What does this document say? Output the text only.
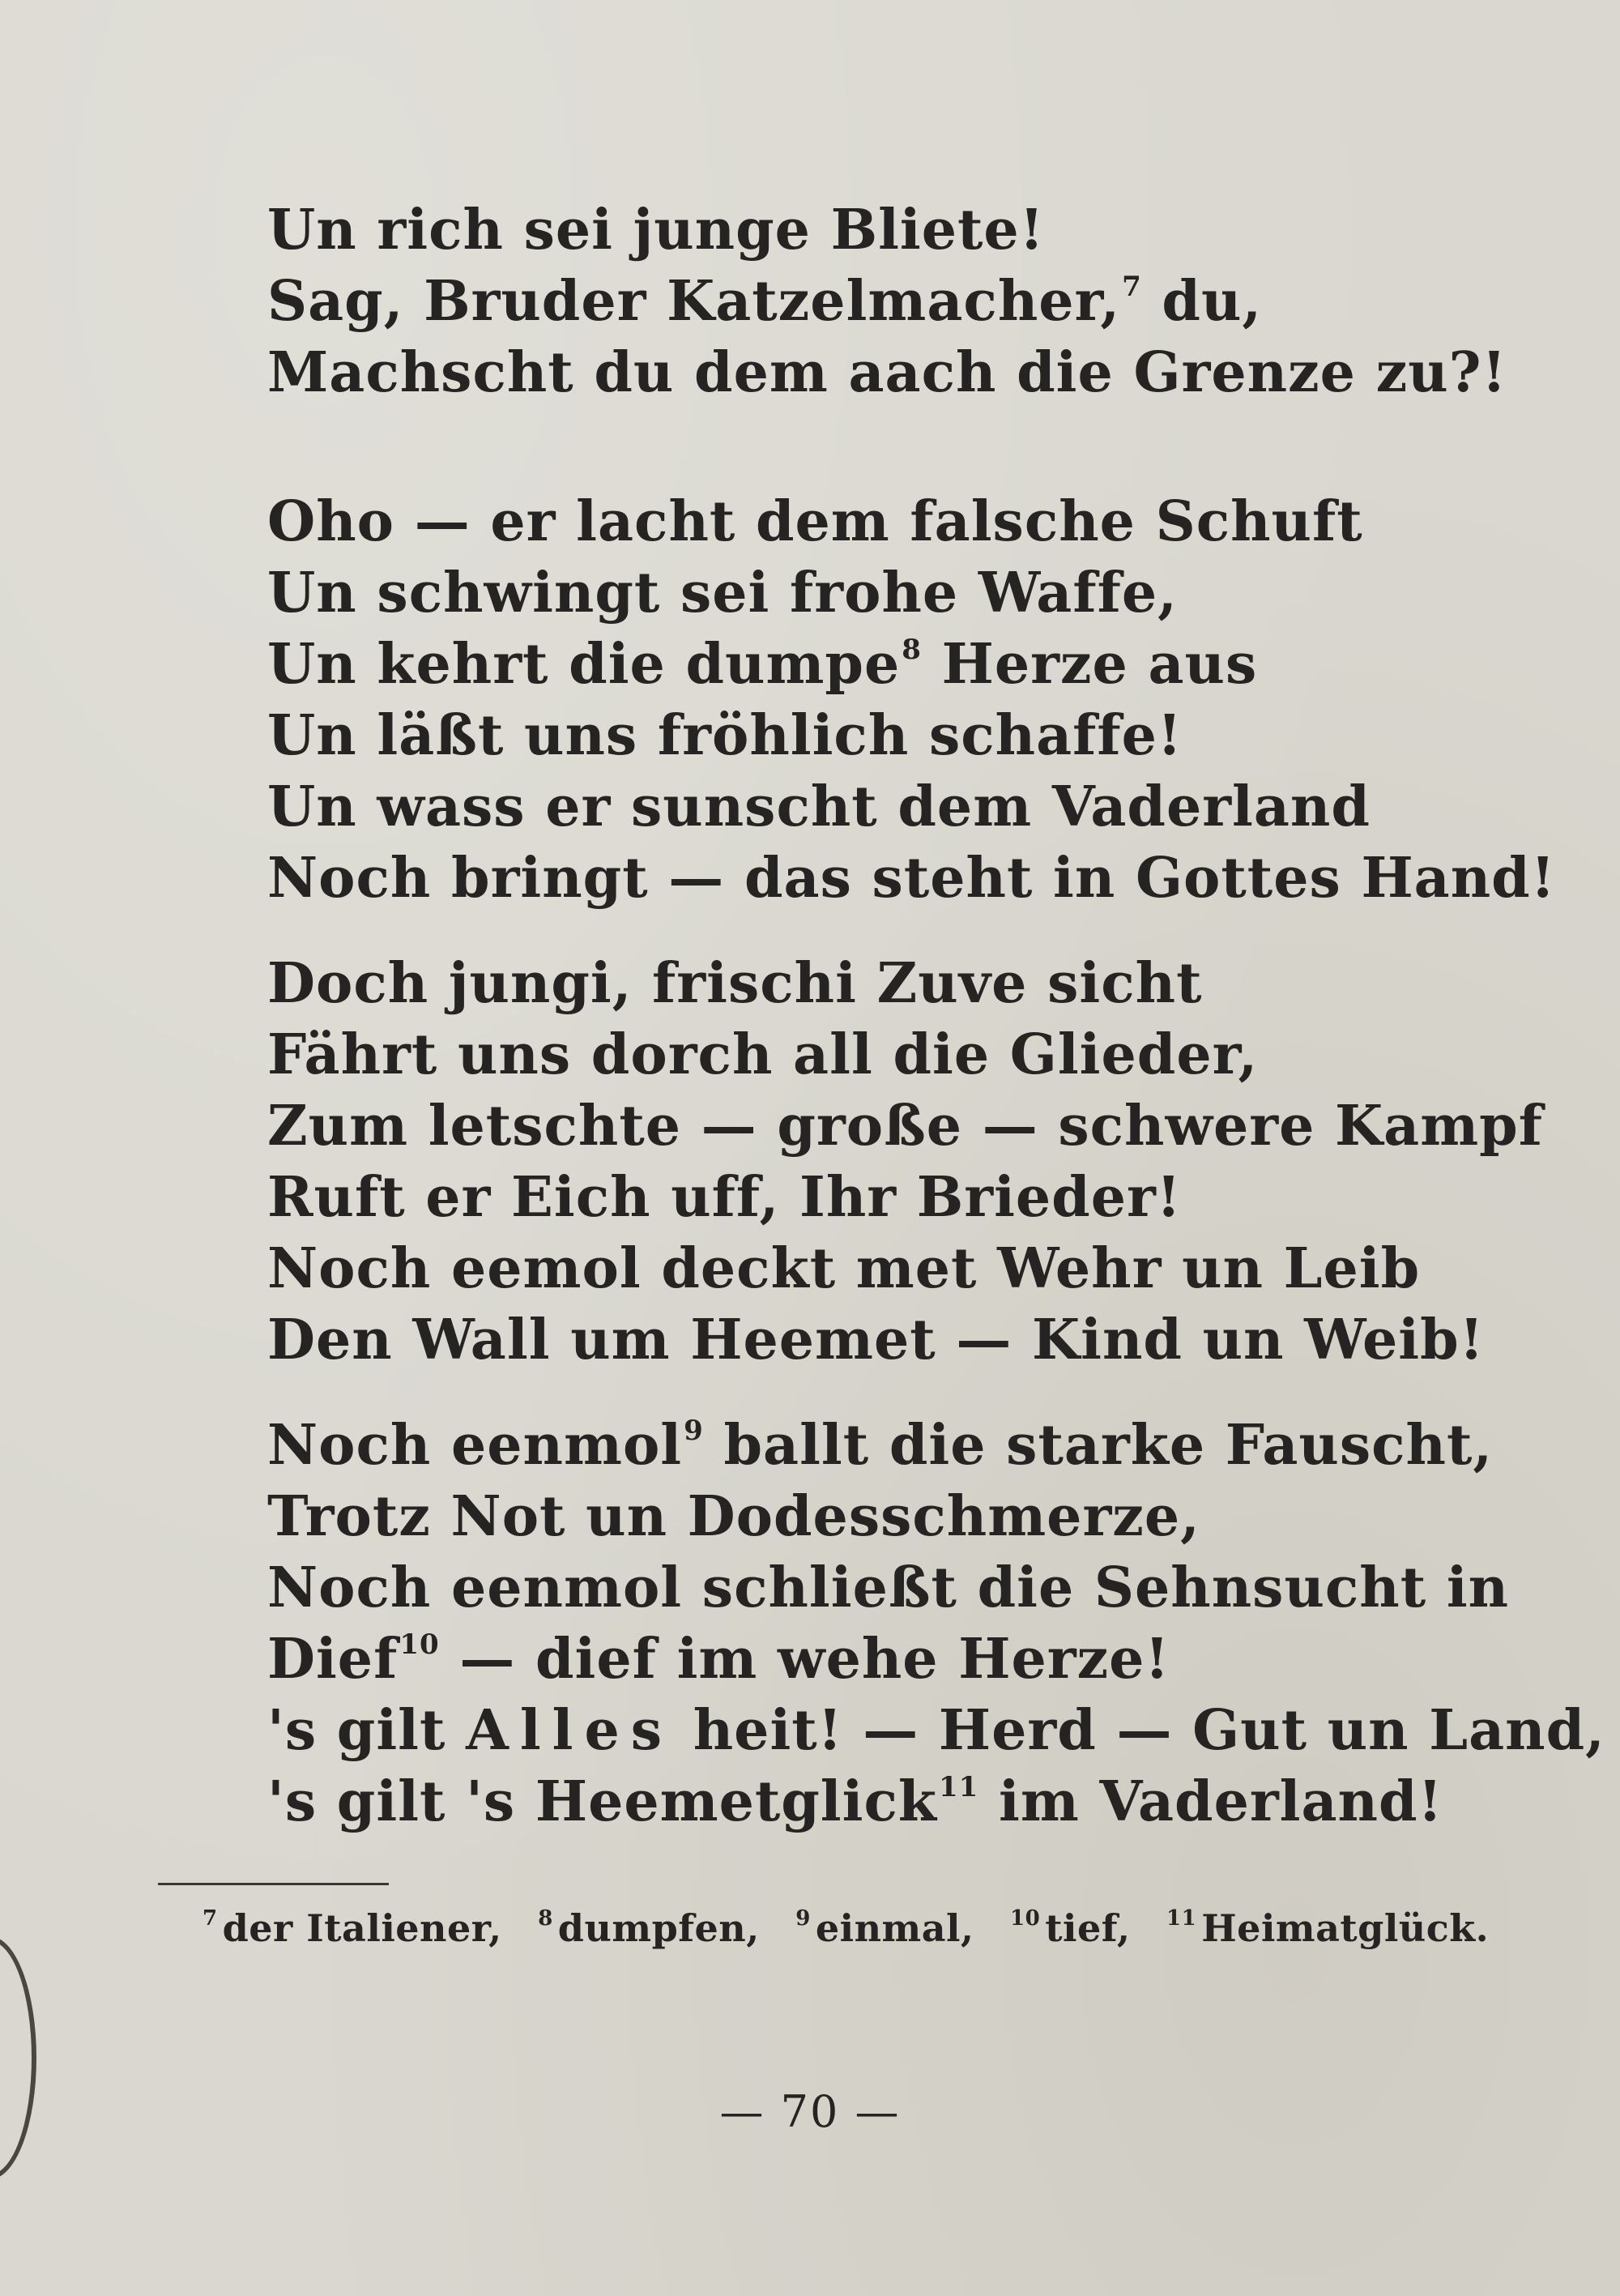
Un rich sei junge Bliete!
Sag, Bruder Katzelmacher,$^7$ du,
Machscht du dem aach die Grenze zu?!
Oho — er lacht dem falsche Schuft
Un schwingt sei frohe Waffe,
Un kehrt die dumpe$^8$ Herze aus
Un läßt uns fröhlich schaffe!
Un wass er sunscht dem Vaderland
Noch bringt — das steht in Gottes Hand!
Doch jungi, frischi Zuve sicht
Fährt uns dorch all die Glieder,
Zum letschte — große — schwere Kampf
Ruft er Eich uff, Ihr Brieder!
Noch eemol deckt met Wehr un Leib
Den Wall um Heemet — Kind un Weib!
Noch eenmol$^9$ ballt die starke Fauscht,
Trotz Not un Dodesschmerze,
Noch eenmol schließt die Sehnsucht in
Dief$^{10}$ — dief im wehe Herze!
's gilt Alles heit! — Herd — Gut un Land,
's gilt 's Heemetglick$^{11}$ im Vaderland!
$^7$ der Italiener, $^8$ dumpfen, $^9$ einmal, $^{10}$ tief, $^{11}$ Heimatglück.
— 70 —
